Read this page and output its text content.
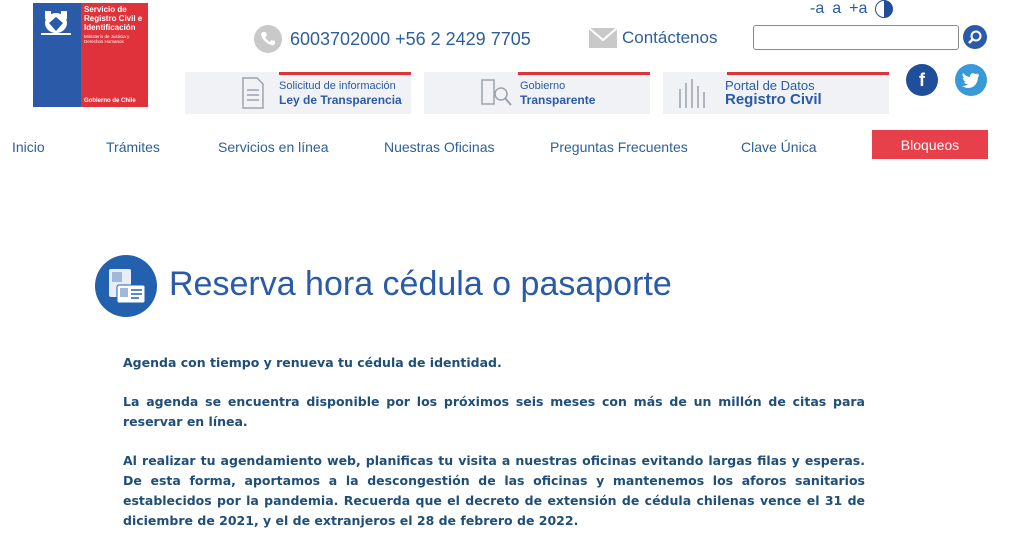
Servicio de Registro Civil e Identificación
Ministerio de Justicia y Derechos Humanos
Gobierno de Chile
6003702000 +56 2 2429 7705	Contáctenos
-a a +a
Solicitud de información
Ley de Transparencia
Gobierno
Transparente
Portal de Datos
Registro Civil
f
Inicio	Trámites	Servicios en línea	Nuestras Oficinas	Preguntas Frecuentes	Clave Única	Bloqueos
Reserva hora cédula o pasaporte

Agenda con tiempo y renueva tu cédula de identidad.

La agenda se encuentra disponible por los próximos seis meses con más de un millón de citas para reservar en línea.

Al realizar tu agendamiento web, planificas tu visita a nuestras oficinas evitando largas filas y esperas. De esta forma, aportamos a la descongestión de las oficinas y mantenemos los aforos sanitarios establecidos por la pandemia. Recuerda que el decreto de extensión de cédula chilenas vence el 31 de diciembre de 2021, y el de extranjeros el 28 de febrero de 2022.
